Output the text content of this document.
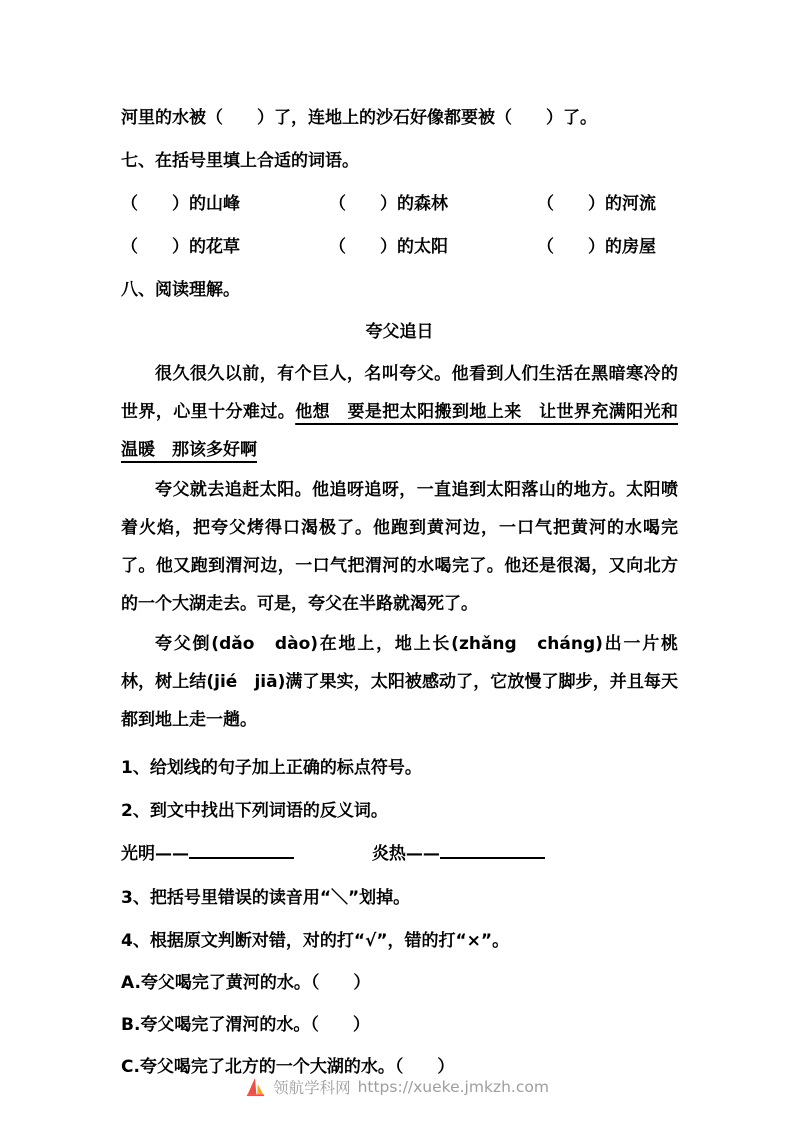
河里的水被（　　）了，连地上的沙石好像都要被（　　）了。
七、在括号里填上合适的词语。
（　　）的山峰	（　　）的森林	（　　）的河流
（　　）的花草	（　　）的太阳	（　　）的房屋
八、阅读理解。
夸父追日
很久很久以前，有个巨人，名叫夸父。他看到人们生活在黑暗寒冷的世界，心里十分难过。他想　要是把太阳搬到地上来　让世界充满阳光和温暖　那该多好啊
夸父就去追赶太阳。他追呀追呀，一直追到太阳落山的地方。太阳喷着火焰，把夸父烤得口渴极了。他跑到黄河边，一口气把黄河的水喝完了。他又跑到渭河边，一口气把渭河的水喝完了。他还是很渴，又向北方的一个大湖走去。可是，夸父在半路就渴死了。
夸父倒(dǎo　dào)在地上，地上长(zhǎng　cháng)出一片桃林，树上结(jié　jiā)满了果实，太阳被感动了，它放慢了脚步，并且每天都到地上走一趟。
1、给划线的句子加上正确的标点符号。
2、到文中找出下列词语的反义词。
光明——	炎热——
3、把括号里错误的读音用“＼”划掉。
4、根据原文判断对错，对的打“√”，错的打“×”。
A.夸父喝完了黄河的水。（　　）
B.夸父喝完了渭河的水。（　　）
C.夸父喝完了北方的一个大湖的水。（　　）
领航学科网 https://xueke.jmkzh.com
